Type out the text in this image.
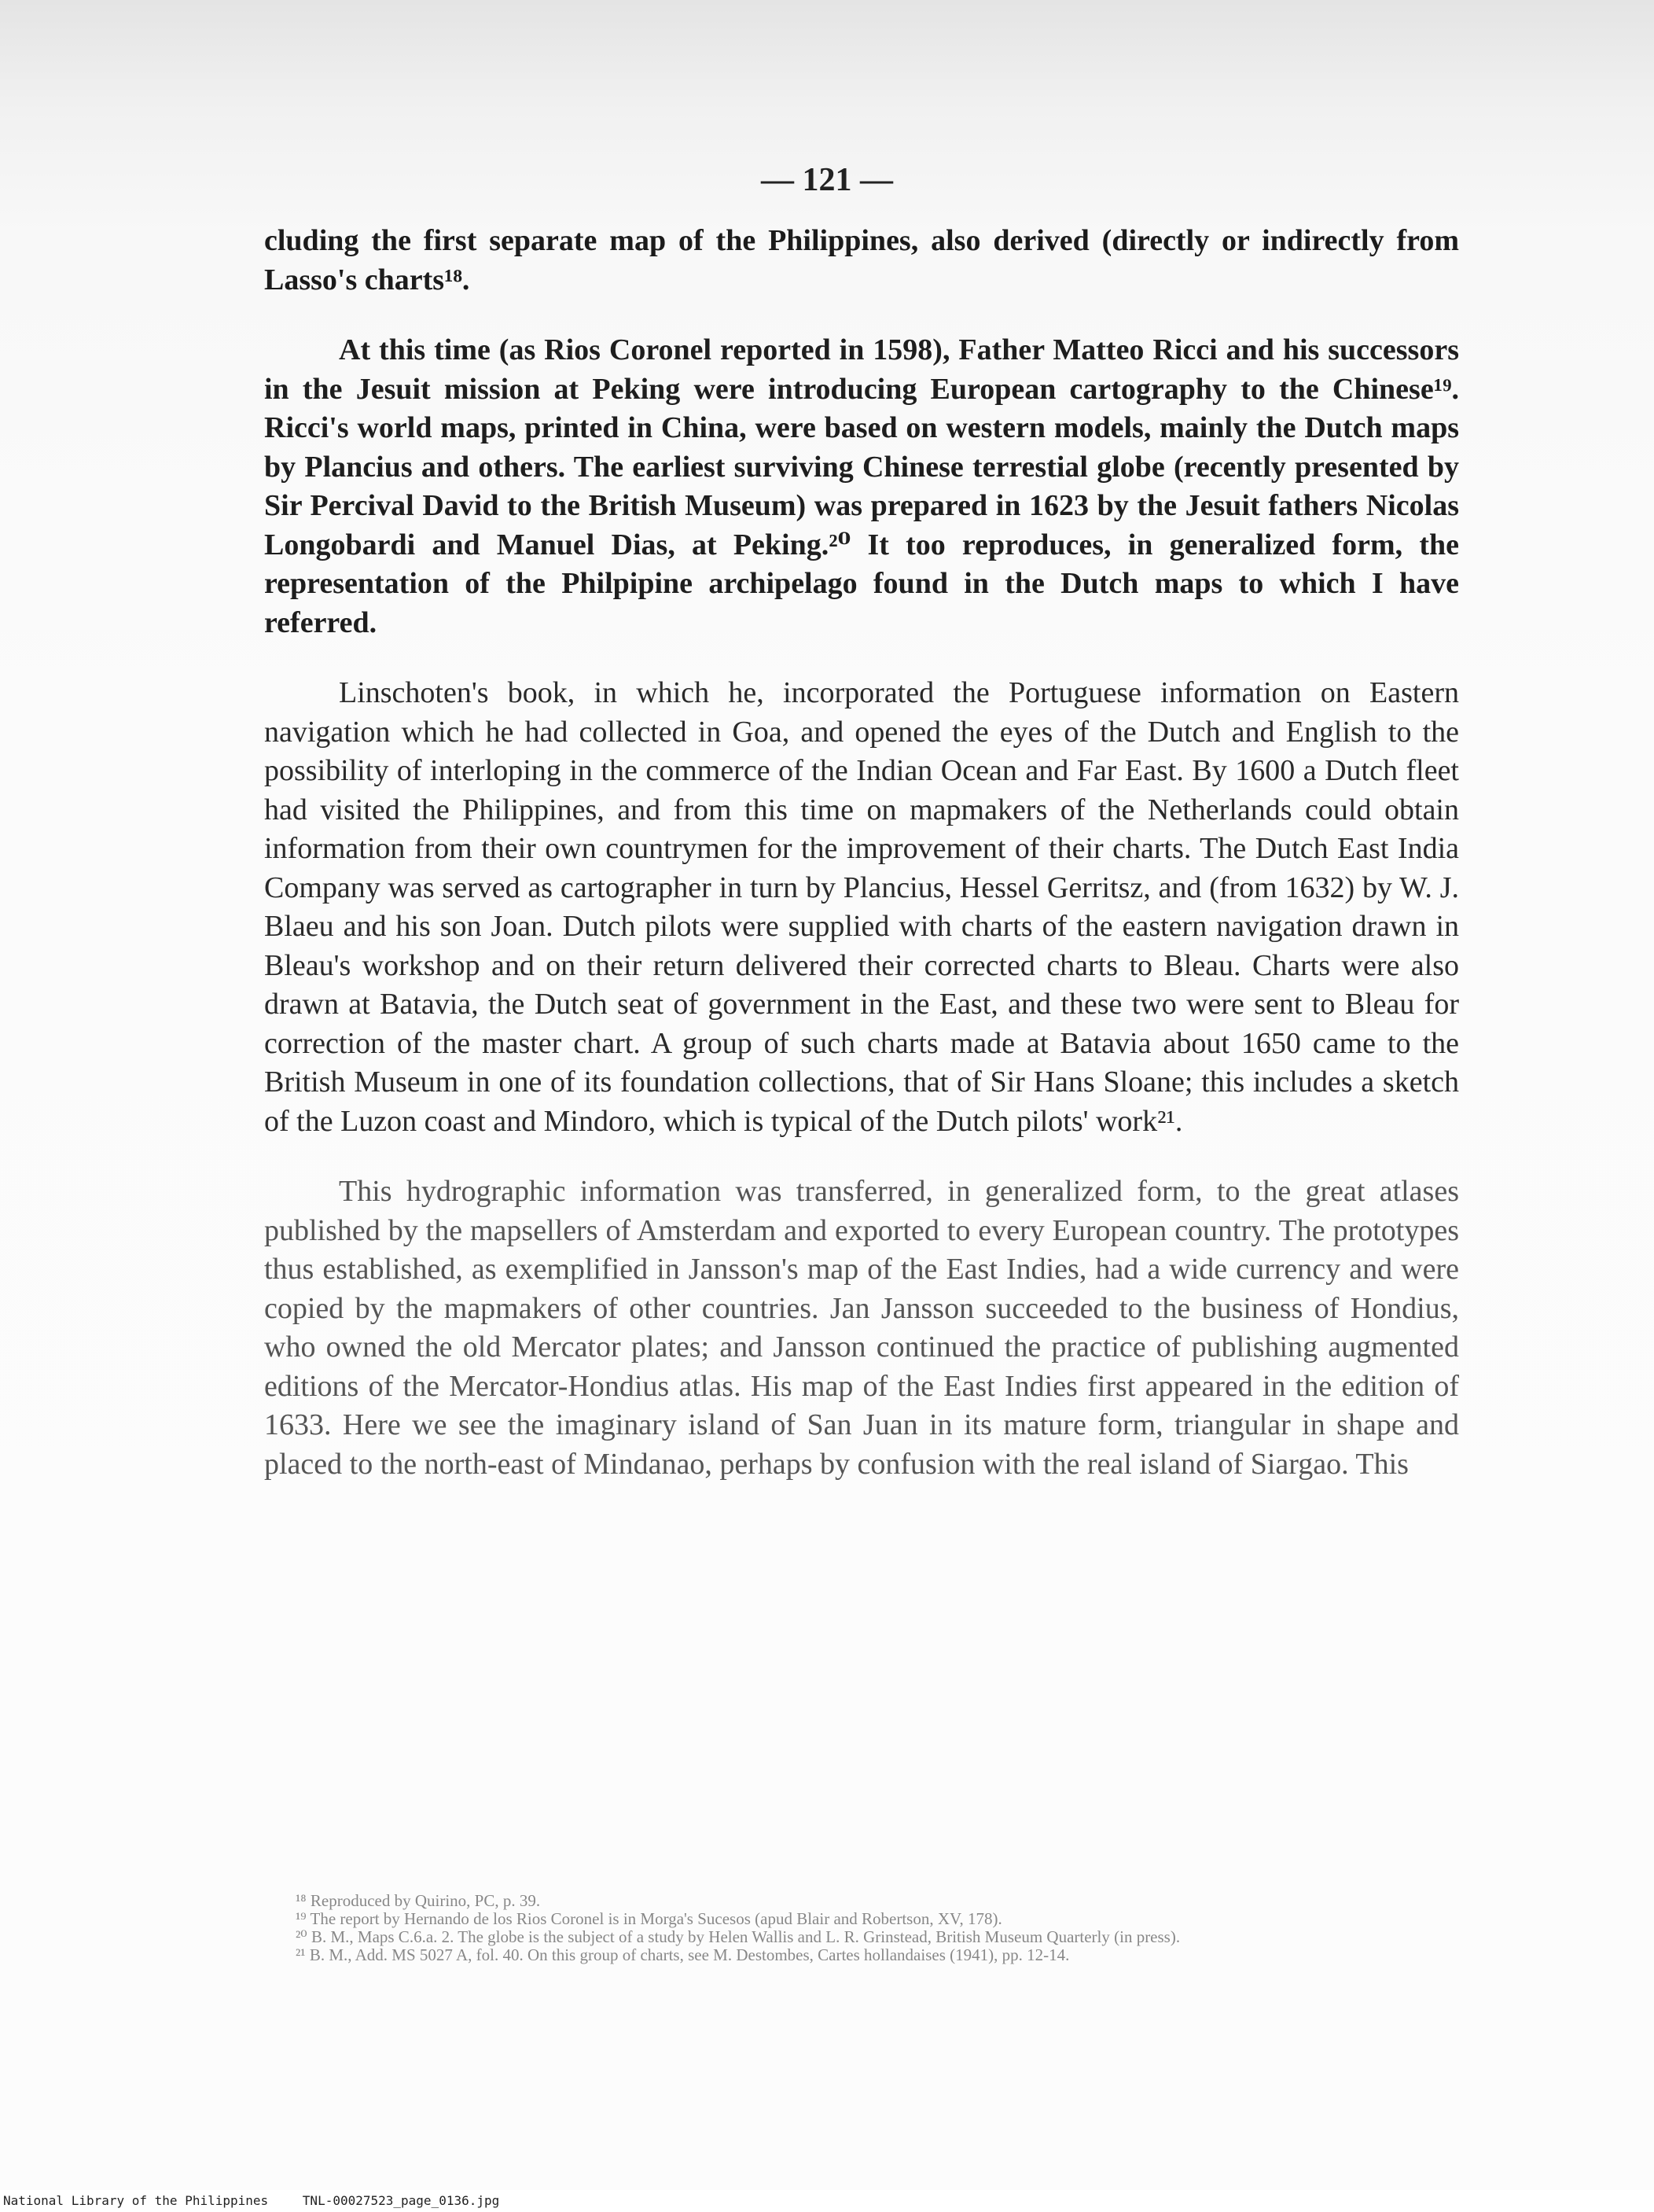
— 121 —

cluding the first separate map of the Philippines, also derived (directly or indirectly from Lasso's charts¹⁸.

At this time (as Rios Coronel reported in 1598), Father Matteo Ricci and his successors in the Jesuit mission at Peking were introducing European cartography to the Chinese¹⁹. Ricci's world maps, printed in China, were based on western models, mainly the Dutch maps by Plancius and others. The earliest surviving Chinese terrestial globe (recently presented by Sir Percival David to the British Museum) was prepared in 1623 by the Jesuit fathers Nicolas Longobardi and Manuel Dias, at Peking.²⁰ It too reproduces, in generalized form, the representation of the Philpipine archipelago found in the Dutch maps to which I have referred.

Linschoten's book, in which he, incorporated the Portuguese information on Eastern navigation which he had collected in Goa, and opened the eyes of the Dutch and English to the possibility of interloping in the commerce of the Indian Ocean and Far East. By 1600 a Dutch fleet had visited the Philippines, and from this time on mapmakers of the Netherlands could obtain information from their own countrymen for the improvement of their charts. The Dutch East India Company was served as cartographer in turn by Plancius, Hessel Gerritsz, and (from 1632) by W. J. Blaeu and his son Joan. Dutch pilots were supplied with charts of the eastern navigation drawn in Bleau's workshop and on their return delivered their corrected charts to Bleau. Charts were also drawn at Batavia, the Dutch seat of government in the East, and these two were sent to Bleau for correction of the master chart. A group of such charts made at Batavia about 1650 came to the British Museum in one of its foundation collections, that of Sir Hans Sloane; this includes a sketch of the Luzon coast and Mindoro, which is typical of the Dutch pilots' work²¹.

This hydrographic information was transferred, in generalized form, to the great atlases published by the mapsellers of Amsterdam and exported to every European country. The prototypes thus established, as exemplified in Jansson's map of the East Indies, had a wide currency and were copied by the mapmakers of other countries. Jan Jansson succeeded to the business of Hondius, who owned the old Mercator plates; and Jansson continued the practice of publishing augmented editions of the Mercator-Hondius atlas. His map of the East Indies first appeared in the edition of 1633. Here we see the imaginary island of San Juan in its mature form, triangular in shape and placed to the north-east of Mindanao, perhaps by confusion with the real island of Siargao. This

¹⁸ Reproduced by Quirino, PC, p. 39.

¹⁹ The report by Hernando de los Rios Coronel is in Morga's Sucesos (apud Blair and Robertson, XV, 178).

²⁰ B. M., Maps C.6.a. 2. The globe is the subject of a study by Helen Wallis and L. R. Grinstead, British Museum Quarterly (in press).

²¹ B. M., Add. MS 5027 A, fol. 40. On this group of charts, see M. Destombes, Cartes hollandaises (1941), pp. 12-14.

National Library of the Philippines	TNL-00027523_page_0136.jpg
